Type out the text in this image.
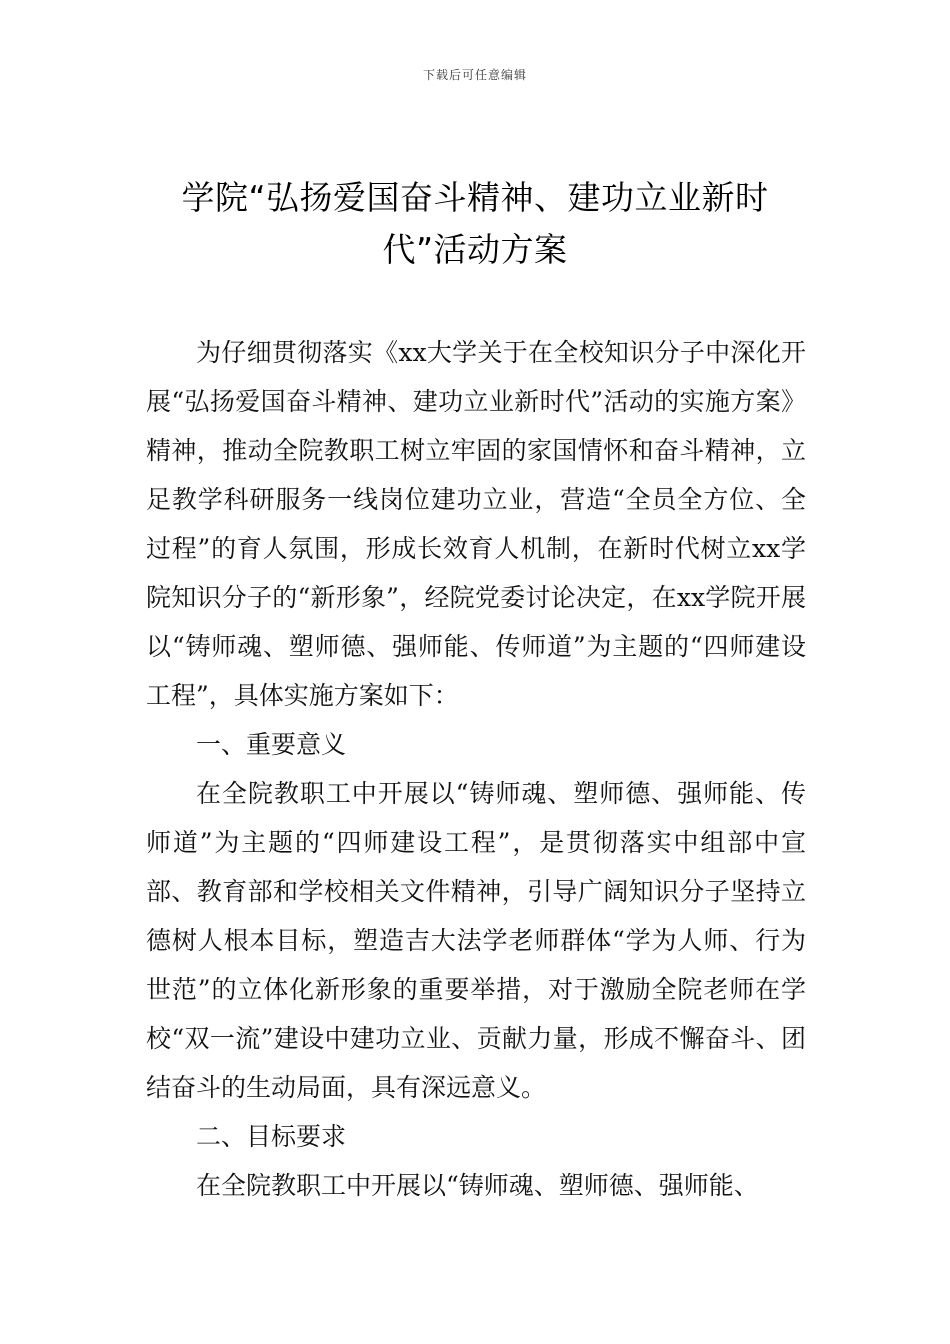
下载后可任意编辑
学院“弘扬爱国奋斗精神、建功立业新时
代”活动方案

为仔细贯彻落实《xx大学关于在全校知识分子中深化开展“弘扬爱国奋斗精神、建功立业新时代”活动的实施方案》精神，推动全院教职工树立牢固的家国情怀和奋斗精神，立足教学科研服务一线岗位建功立业，营造“全员全方位、全过程”的育人氛围，形成长效育人机制，在新时代树立xx学院知识分子的“新形象”，经院党委讨论决定，在xx学院开展以“铸师魂、塑师德、强师能、传师道”为主题的“四师建设工程”，具体实施方案如下：

一、重要意义

在全院教职工中开展以“铸师魂、塑师德、强师能、传师道”为主题的“四师建设工程”，是贯彻落实中组部中宣部、教育部和学校相关文件精神，引导广阔知识分子坚持立德树人根本目标，塑造吉大法学老师群体“学为人师、行为世范”的立体化新形象的重要举措，对于激励全院老师在学校“双一流”建设中建功立业、贡献力量，形成不懈奋斗、团结奋斗的生动局面，具有深远意义。

二、目标要求

在全院教职工中开展以“铸师魂、塑师德、强师能、
